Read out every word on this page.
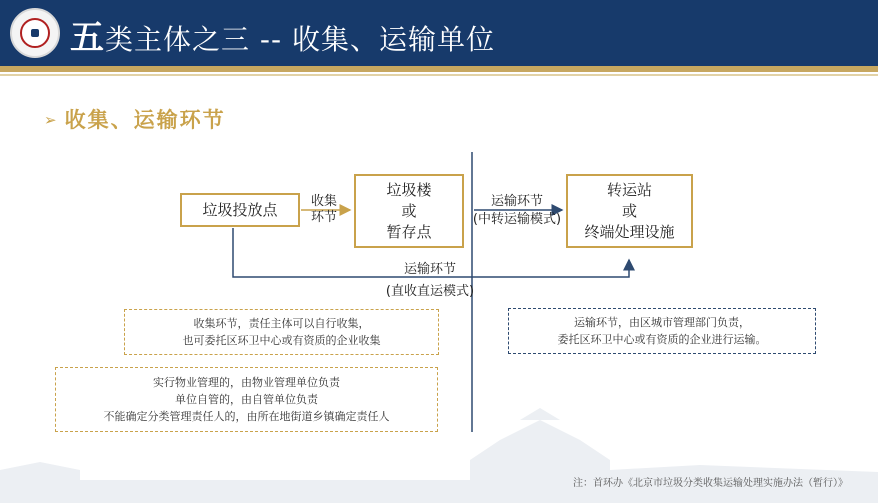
五类主体之三 -- 收集、运输单位
➢ 收集、运输环节
垃圾投放点
垃圾楼
或
暂存点
转运站
或
终端处理设施
收集
环节
运输环节
(中转运输模式)
运输环节
(直收直运模式)
收集环节，责任主体可以自行收集，
也可委托区环卫中心或有资质的企业收集
实行物业管理的，由物业管理单位负责
单位自管的，由自管单位负责
不能确定分类管理责任人的，由所在地街道乡镇确定责任人
运输环节，由区城市管理部门负责，
委托区环卫中心或有资质的企业进行运输。
注：首环办《北京市垃圾分类收集运输处理实施办法（暂行）》
